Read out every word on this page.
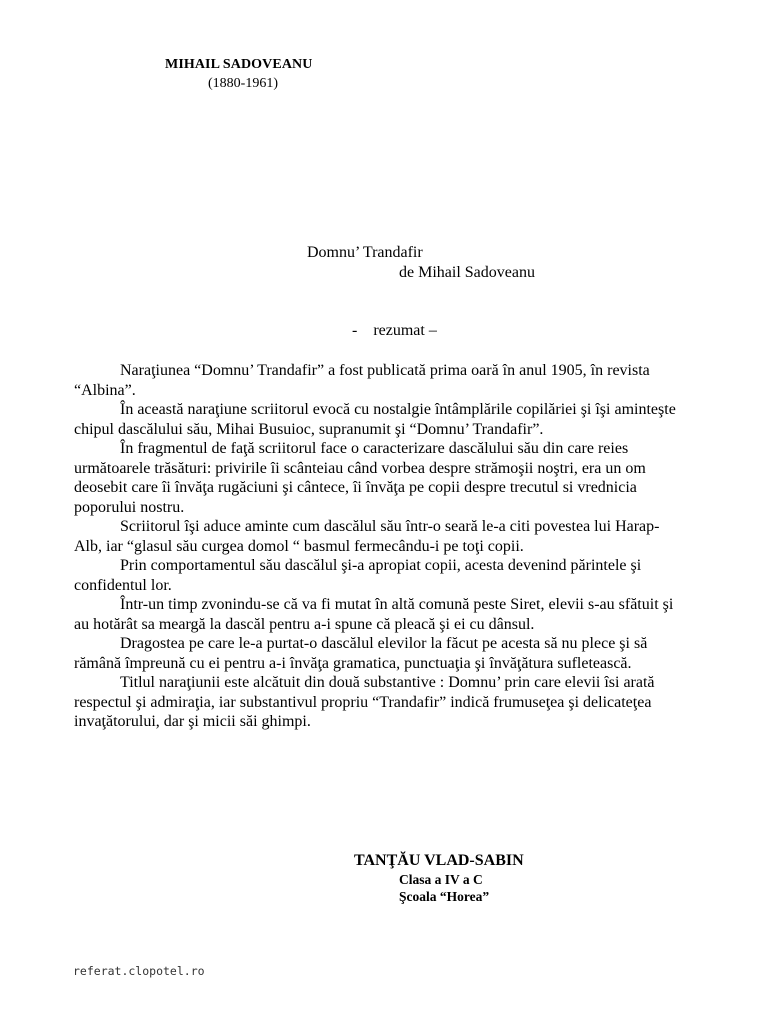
MIHAIL SADOVEANU
(1880-1961)
Domnu’ Trandafir
de Mihail Sadoveanu
-    rezumat –

Naraţiunea “Domnu’ Trandafir” a fost publicată prima oară în anul 1905, în revista “Albina”.

În această naraţiune scriitorul evocă cu nostalgie întâmplările copilăriei şi îşi aminteşte chipul dascălului său, Mihai Busuioc, supranumit şi “Domnu’ Trandafir”.

În fragmentul de faţă scriitorul face o caracterizare dascălului său din care reies următoarele trăsături: privirile îi scânteiau când vorbea despre strămoşii noştri, era un om deosebit care îi învăţa rugăciuni şi cântece, îi învăţa pe copii despre trecutul si vrednicia poporului nostru.

Scriitorul îşi aduce aminte cum dascălul său într-o seară le-a citi povestea lui Harap-Alb, iar “glasul său curgea domol “ basmul fermecându-i pe toţi copii.

Prin comportamentul său dascălul şi-a apropiat copii, acesta devenind părintele şi confidentul lor.

Într-un timp zvonindu-se că va fi mutat în altă comună peste Siret, elevii s-au sfătuit şi au hotărât sa meargă la dascăl pentru a-i spune că pleacă şi ei cu dânsul.

Dragostea pe care le-a purtat-o dascălul elevilor la făcut pe acesta să nu plece şi să rămână împreună cu ei pentru a-i învăţa gramatica, punctuaţia şi învăţătura sufletească.

Titlul naraţiunii este alcătuit din două substantive : Domnu’ prin care elevii îsi arată respectul şi admiraţia, iar substantivul propriu “Trandafir” indică frumuseţea şi delicateţea invaţătorului, dar şi micii săi ghimpi.

TANŢĂU VLAD-SABIN
Clasa a IV a C
Şcoala “Horea”
referat.clopotel.ro
